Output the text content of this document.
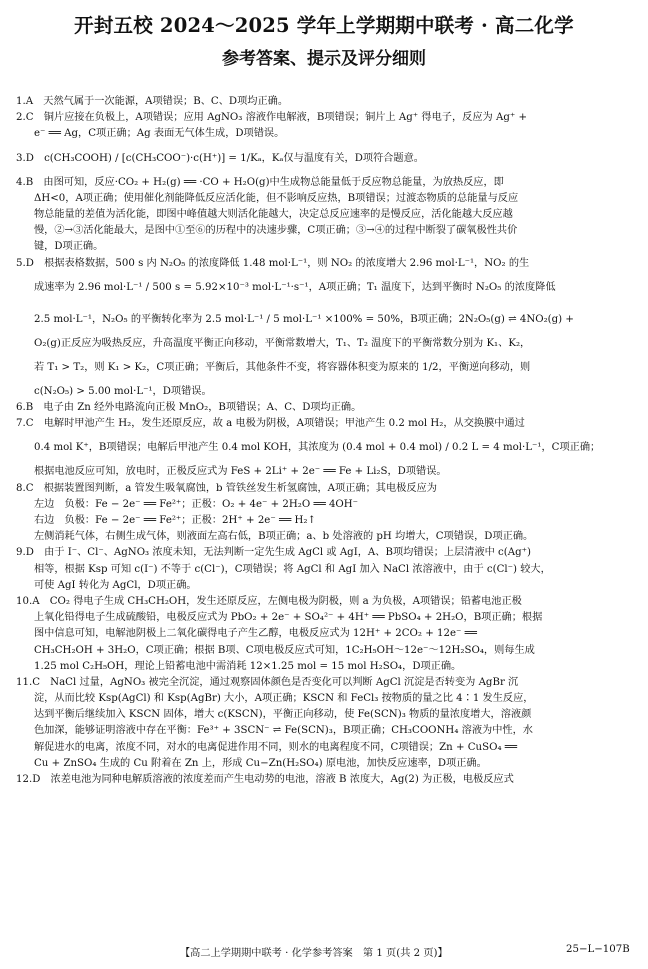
开封五校 2024～2025 学年上学期期中联考 · 高二化学
参考答案、提示及评分细则
1.A　天然气属于一次能源，A项错误；B、C、D项均正确。
2.C　铜片应接在负极上，A项错误；应用 AgNO₃ 溶液作电解液，B项错误；铜片上 Ag⁺ 得电子，反应为 Ag⁺ +
e⁻ ══ Ag，C项正确；Ag 表面无气体生成，D项错误。
3.D　c(CH₃COOH) / [c(CH₃COO⁻)·c(H⁺)] = 1/Kₐ，Kₐ仅与温度有关，D项符合题意。
4.B　由图可知，反应·CO₂ + H₂(g) ══ ·CO + H₂O(g)中生成物总能量低于反应物总能量，为放热反应，即
ΔH<0，A项正确；使用催化剂能降低反应活化能，但不影响反应热，B项错误；过渡态物质的总能量与反应
物总能量的差值为活化能，即图中峰值越大则活化能越大，决定总反应速率的是慢反应，活化能越大反应越
慢，②→③活化能最大，是图中①至⑥的历程中的决速步骤，C项正确；③→④的过程中断裂了碳氧极性共价
键，D项正确。
5.D　根据表格数据，500 s 内 N₂O₅ 的浓度降低 1.48 mol·L⁻¹，则 NO₂ 的浓度增大 2.96 mol·L⁻¹，NO₂ 的生
成速率为 2.96 mol·L⁻¹ / 500 s = 5.92×10⁻³ mol·L⁻¹·s⁻¹，A项正确；T₁ 温度下，达到平衡时 N₂O₅ 的浓度降低
2.5 mol·L⁻¹，N₂O₅ 的平衡转化率为 2.5 mol·L⁻¹ / 5 mol·L⁻¹ ×100% = 50%，B项正确；2N₂O₅(g) ⇌ 4NO₂(g) +
O₂(g)正反应为吸热反应，升高温度平衡正向移动，平衡常数增大，T₁、T₂ 温度下的平衡常数分别为 K₁、K₂，
若 T₁ > T₂，则 K₁ > K₂，C项正确；平衡后，其他条件不变，将容器体积变为原来的 1/2，平衡逆向移动，则
c(N₂O₅) > 5.00 mol·L⁻¹，D项错误。
6.B　电子由 Zn 经外电路流向正极 MnO₂，B项错误；A、C、D项均正确。
7.C　电解时甲池产生 H₂，发生还原反应，故 a 电极为阴极，A项错误；甲池产生 0.2 mol H₂，从交换膜中通过
0.4 mol K⁺，B项错误；电解后甲池产生 0.4 mol KOH，其浓度为 (0.4 mol + 0.4 mol) / 0.2 L = 4 mol·L⁻¹，C项正确；
根据电池反应可知，放电时，正极反应式为 FeS + 2Li⁺ + 2e⁻ ══ Fe + Li₂S，D项错误。
8.C　根据装置图判断，a 管发生吸氧腐蚀，b 管铁丝发生析氢腐蚀，A项正确；其电极反应为
左边　负极：Fe − 2e⁻ ══ Fe²⁺；正极：O₂ + 4e⁻ + 2H₂O ══ 4OH⁻
右边　负极：Fe − 2e⁻ ══ Fe²⁺；正极：2H⁺ + 2e⁻ ══ H₂↑
左侧消耗气体，右侧生成气体，则液面左高右低，B项正确；a、b 处溶液的 pH 均增大，C项错误，D项正确。
9.D　由于 I⁻、Cl⁻、AgNO₃ 浓度未知，无法判断一定先生成 AgCl 或 AgI，A、B项均错误；上层清液中 c(Ag⁺)
相等，根据 Ksp 可知 c(I⁻) 不等于 c(Cl⁻)，C项错误；将 AgCl 和 AgI 加入 NaCl 浓溶液中，由于 c(Cl⁻) 较大，
可使 AgI 转化为 AgCl，D项正确。
10.A　CO₂ 得电子生成 CH₃CH₂OH，发生还原反应，左侧电极为阴极，则 a 为负极，A项错误；铅蓄电池正极
上氧化铅得电子生成硫酸铅，电极反应式为 PbO₂ + 2e⁻ + SO₄²⁻ + 4H⁺ ══ PbSO₄ + 2H₂O，B项正确；根据
图中信息可知，电解池阴极上二氧化碳得电子产生乙醇，电极反应式为 12H⁺ + 2CO₂ + 12e⁻ ══
CH₃CH₂OH + 3H₂O，C项正确；根据 B项、C项电极反应式可知，1C₂H₅OH～12e⁻～12H₂SO₄，则每生成
1.25 mol C₂H₅OH，理论上铅蓄电池中需消耗 12×1.25 mol = 15 mol H₂SO₄，D项正确。
11.C　NaCl 过量，AgNO₃ 被完全沉淀，通过观察固体颜色是否变化可以判断 AgCl 沉淀是否转变为 AgBr 沉
淀，从而比较 Ksp(AgCl) 和 Ksp(AgBr) 大小，A项正确；KSCN 和 FeCl₃ 按物质的量之比 4∶1 发生反应，
达到平衡后继续加入 KSCN 固体，增大 c(KSCN)，平衡正向移动，使 Fe(SCN)₃ 物质的量浓度增大，溶液颜
色加深，能够证明溶液中存在平衡：Fe³⁺ + 3SCN⁻ ⇌ Fe(SCN)₃，B项正确；CH₃COONH₄ 溶液为中性，水
解促进水的电离，浓度不同，对水的电离促进作用不同，则水的电离程度不同，C项错误；Zn + CuSO₄ ══
Cu + ZnSO₄ 生成的 Cu 附着在 Zn 上，形成 Cu−Zn(H₂SO₄) 原电池，加快反应速率，D项正确。
12.D　浓差电池为同种电解质溶液的浓度差而产生电动势的电池，溶液 B 浓度大，Ag(2) 为正极，电极反应式
【高二上学期期中联考 · 化学参考答案　第 1 页(共 2 页)】	25−L−107B
